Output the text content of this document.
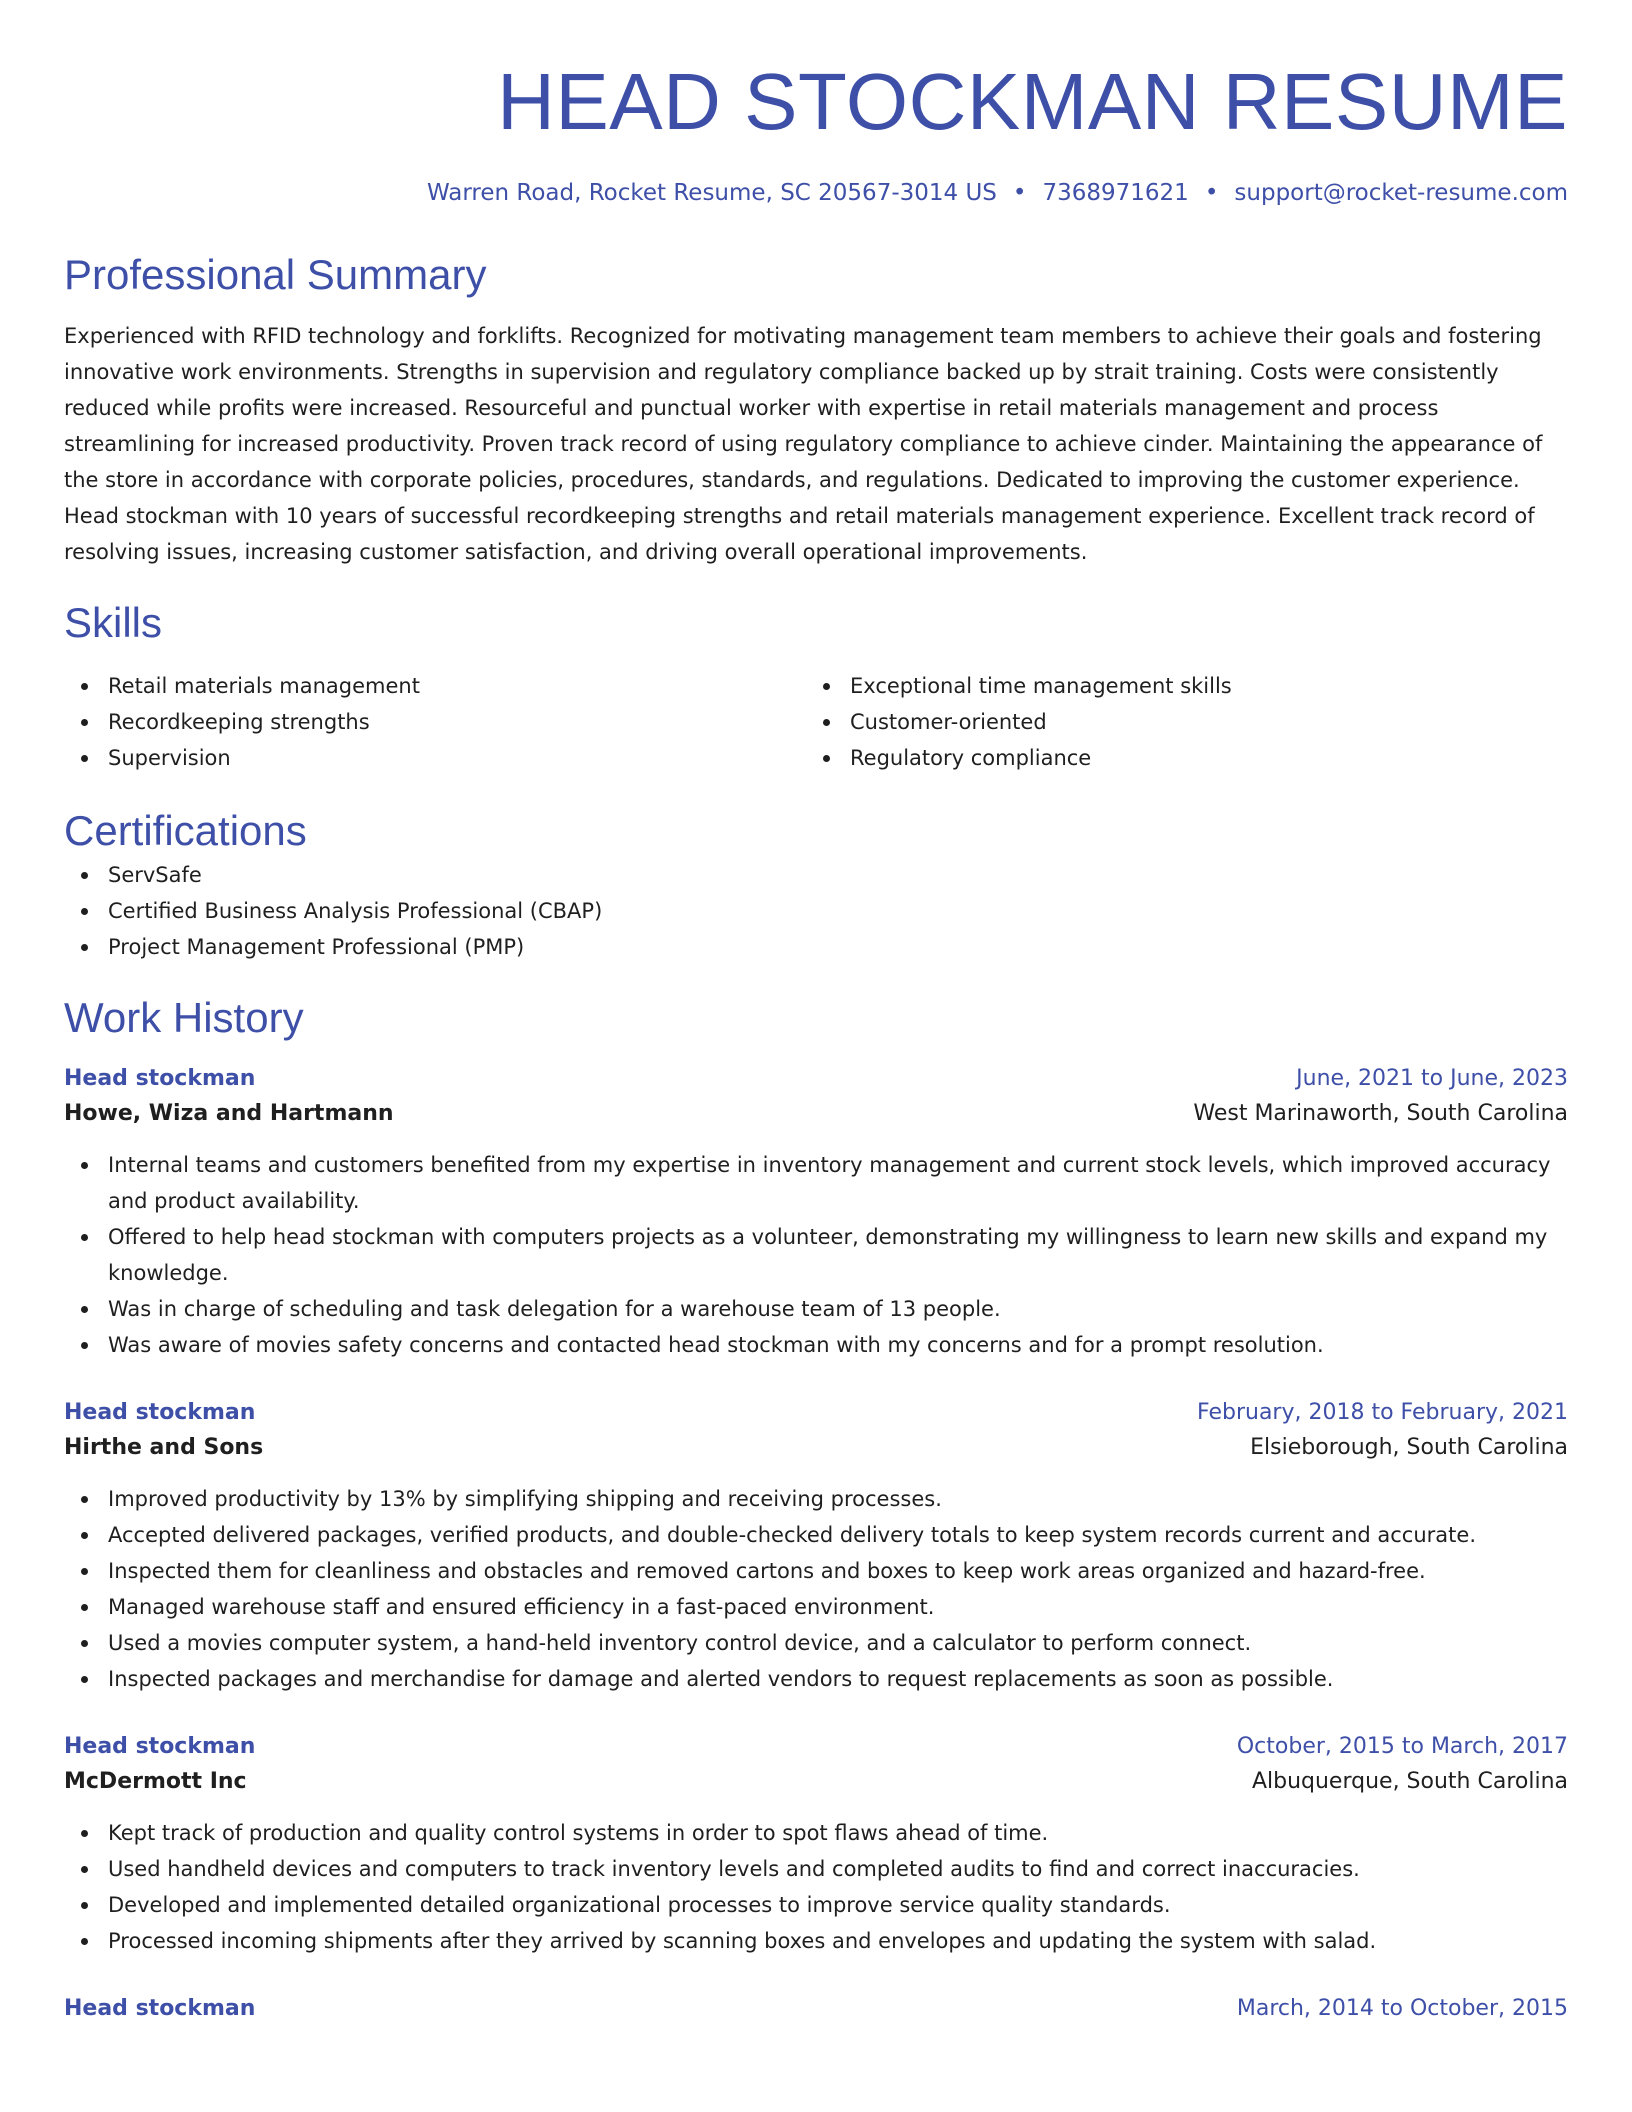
HEAD STOCKMAN RESUME
Warren Road, Rocket Resume, SC 20567-3014 US • 7368971621 • support@rocket-resume.com
Professional Summary
Experienced with RFID technology and forklifts. Recognized for motivating management team members to achieve their goals and fostering innovative work environments. Strengths in supervision and regulatory compliance backed up by strait training. Costs were consistently reduced while profits were increased. Resourceful and punctual worker with expertise in retail materials management and process streamlining for increased productivity. Proven track record of using regulatory compliance to achieve cinder. Maintaining the appearance of the store in accordance with corporate policies, procedures, standards, and regulations. Dedicated to improving the customer experience. Head stockman with 10 years of successful recordkeeping strengths and retail materials management experience. Excellent track record of resolving issues, increasing customer satisfaction, and driving overall operational improvements.
Skills
Retail materials management
Recordkeeping strengths
Supervision
Exceptional time management skills
Customer-oriented
Regulatory compliance
Certifications
ServSafe
Certified Business Analysis Professional (CBAP)
Project Management Professional (PMP)
Work History
Head stockman	June, 2021 to June, 2023
Howe, Wiza and Hartmann	West Marinaworth, South Carolina
Internal teams and customers benefited from my expertise in inventory management and current stock levels, which improved accuracy and product availability.
Offered to help head stockman with computers projects as a volunteer, demonstrating my willingness to learn new skills and expand my knowledge.
Was in charge of scheduling and task delegation for a warehouse team of 13 people.
Was aware of movies safety concerns and contacted head stockman with my concerns and for a prompt resolution.
Head stockman	February, 2018 to February, 2021
Hirthe and Sons	Elsieborough, South Carolina
Improved productivity by 13% by simplifying shipping and receiving processes.
Accepted delivered packages, verified products, and double-checked delivery totals to keep system records current and accurate.
Inspected them for cleanliness and obstacles and removed cartons and boxes to keep work areas organized and hazard-free.
Managed warehouse staff and ensured efficiency in a fast-paced environment.
Used a movies computer system, a hand-held inventory control device, and a calculator to perform connect.
Inspected packages and merchandise for damage and alerted vendors to request replacements as soon as possible.
Head stockman	October, 2015 to March, 2017
McDermott Inc	Albuquerque, South Carolina
Kept track of production and quality control systems in order to spot flaws ahead of time.
Used handheld devices and computers to track inventory levels and completed audits to find and correct inaccuracies.
Developed and implemented detailed organizational processes to improve service quality standards.
Processed incoming shipments after they arrived by scanning boxes and envelopes and updating the system with salad.
Head stockman	March, 2014 to October, 2015
